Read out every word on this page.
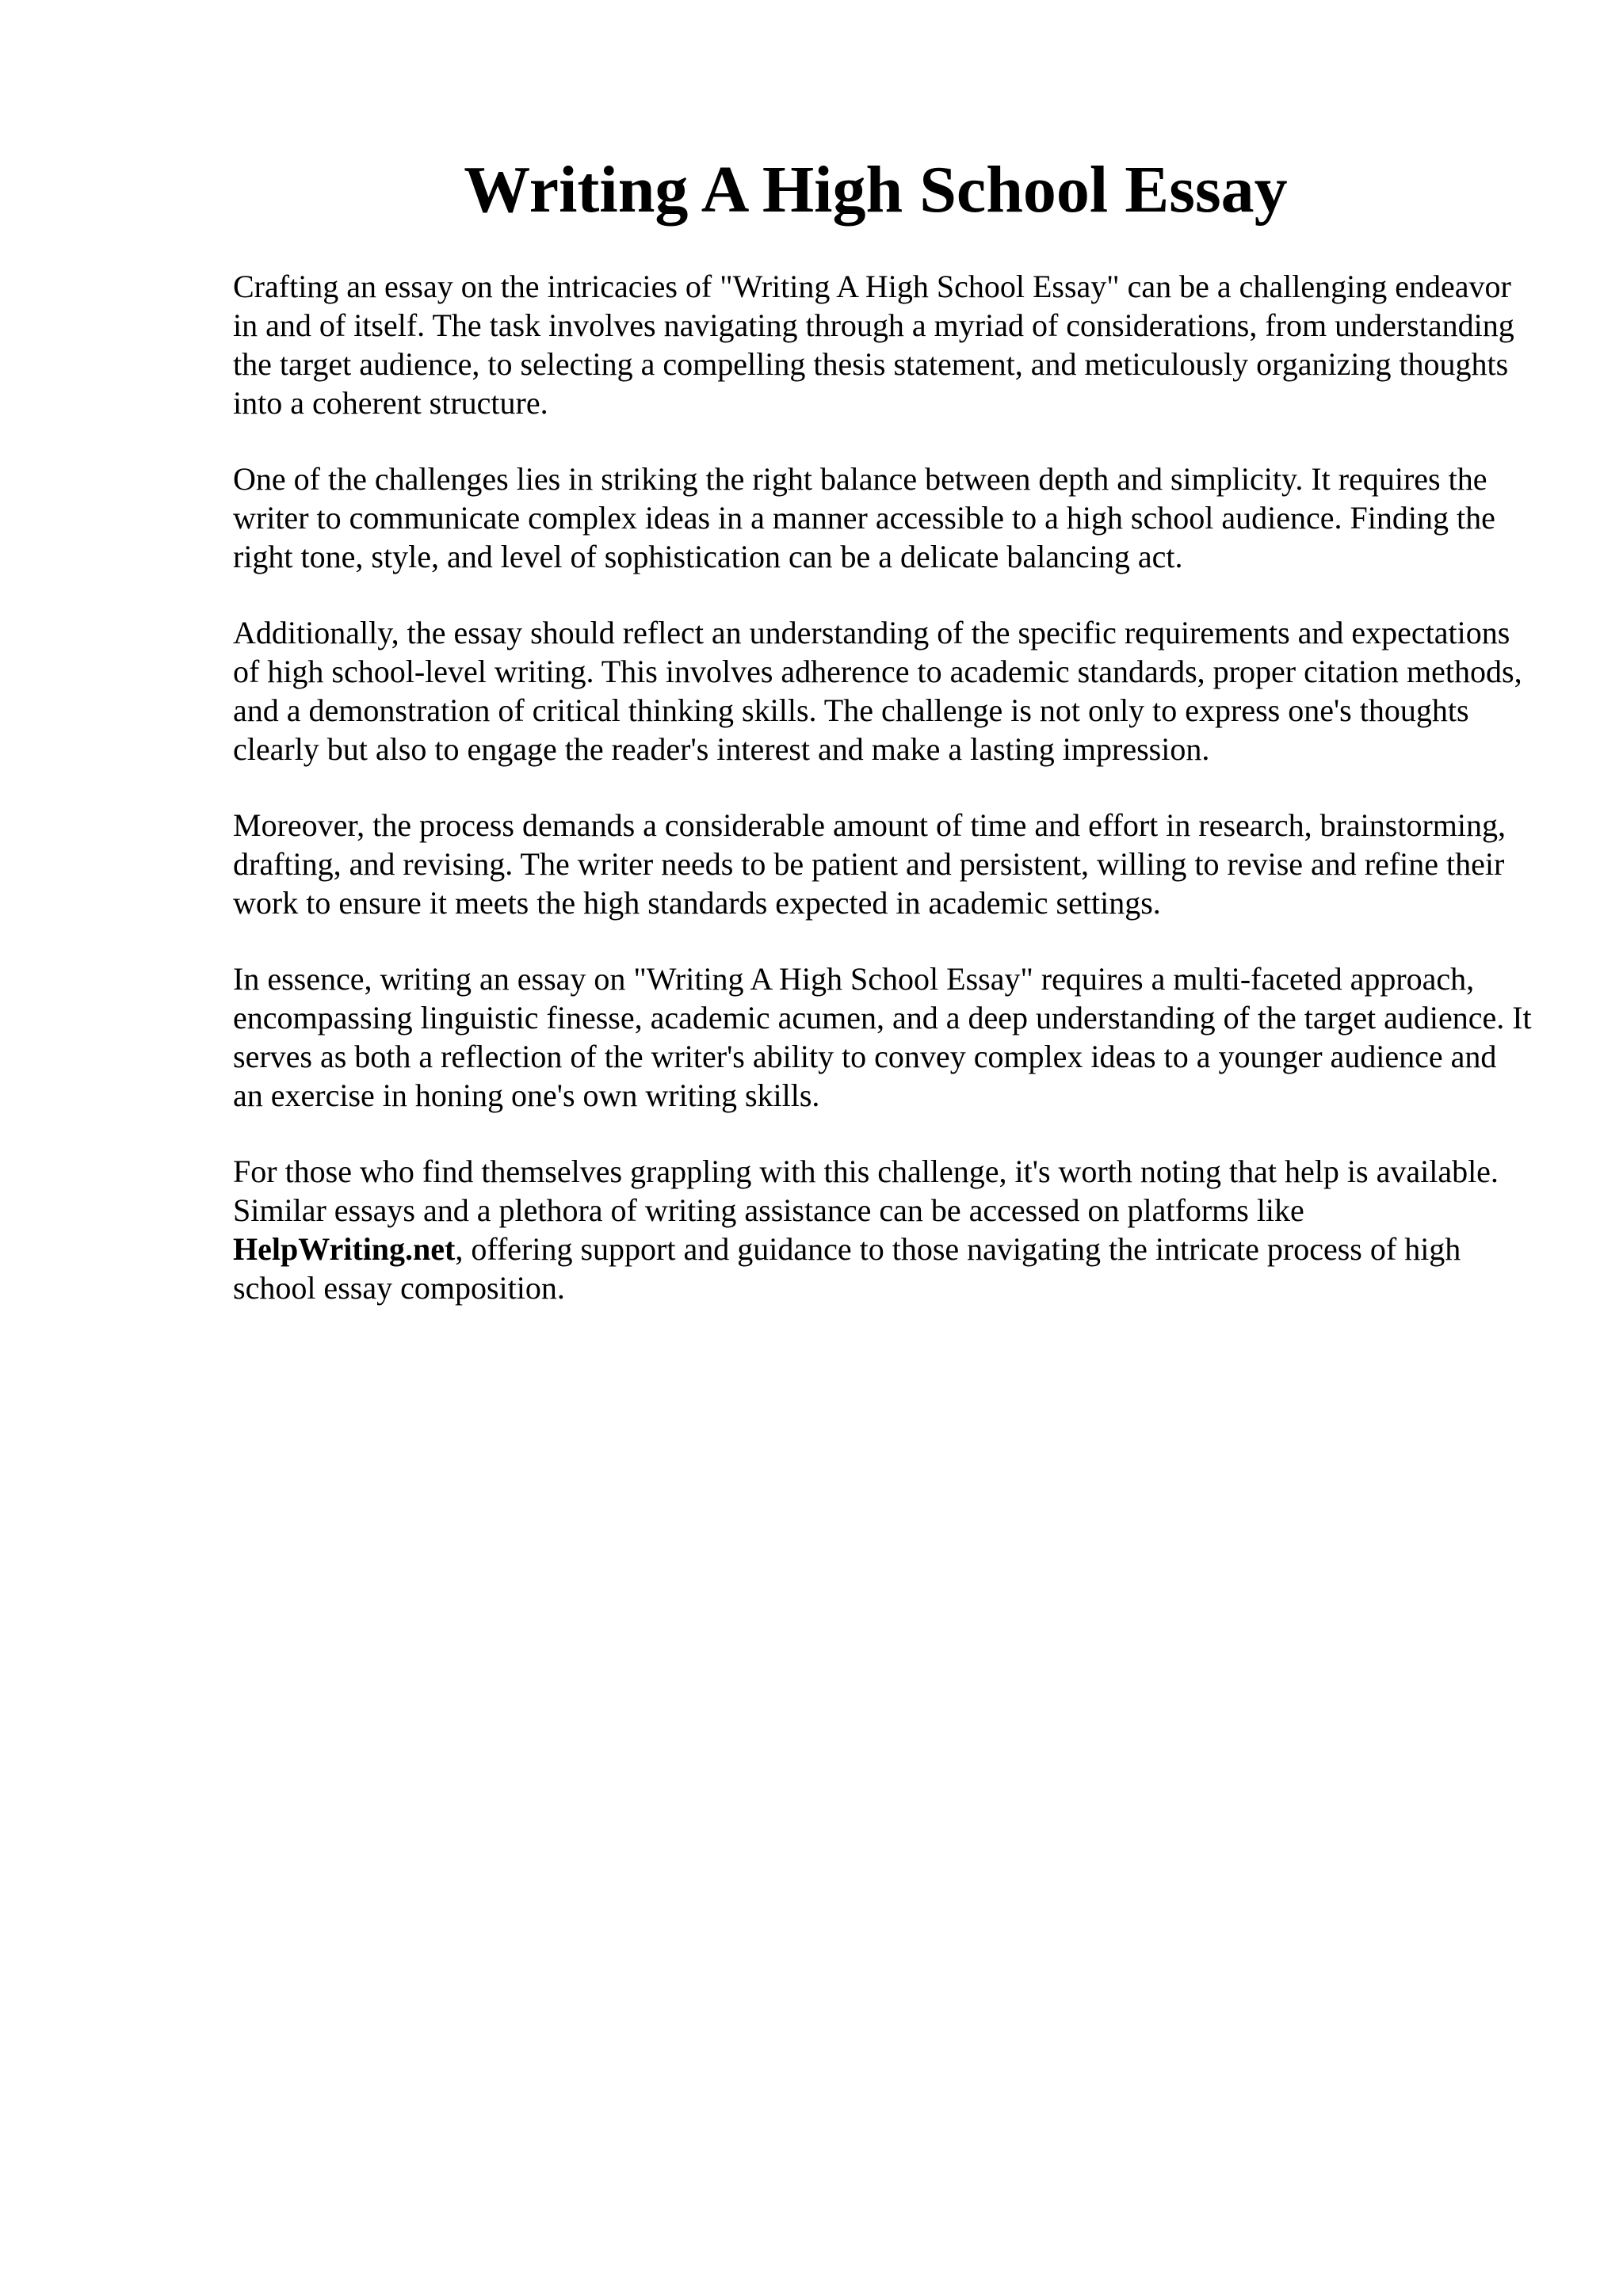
Writing A High School Essay

Crafting an essay on the intricacies of "Writing A High School Essay" can be a challenging endeavor in and of itself. The task involves navigating through a myriad of considerations, from understanding the target audience, to selecting a compelling thesis statement, and meticulously organizing thoughts into a coherent structure.

One of the challenges lies in striking the right balance between depth and simplicity. It requires the writer to communicate complex ideas in a manner accessible to a high school audience. Finding the right tone, style, and level of sophistication can be a delicate balancing act.

Additionally, the essay should reflect an understanding of the specific requirements and expectations of high school-level writing. This involves adherence to academic standards, proper citation methods, and a demonstration of critical thinking skills. The challenge is not only to express one's thoughts clearly but also to engage the reader's interest and make a lasting impression.

Moreover, the process demands a considerable amount of time and effort in research, brainstorming, drafting, and revising. The writer needs to be patient and persistent, willing to revise and refine their work to ensure it meets the high standards expected in academic settings.

In essence, writing an essay on "Writing A High School Essay" requires a multi-faceted approach, encompassing linguistic finesse, academic acumen, and a deep understanding of the target audience. It serves as both a reflection of the writer's ability to convey complex ideas to a younger audience and an exercise in honing one's own writing skills.

For those who find themselves grappling with this challenge, it's worth noting that help is available. Similar essays and a plethora of writing assistance can be accessed on platforms like HelpWriting.net, offering support and guidance to those navigating the intricate process of high school essay composition.
